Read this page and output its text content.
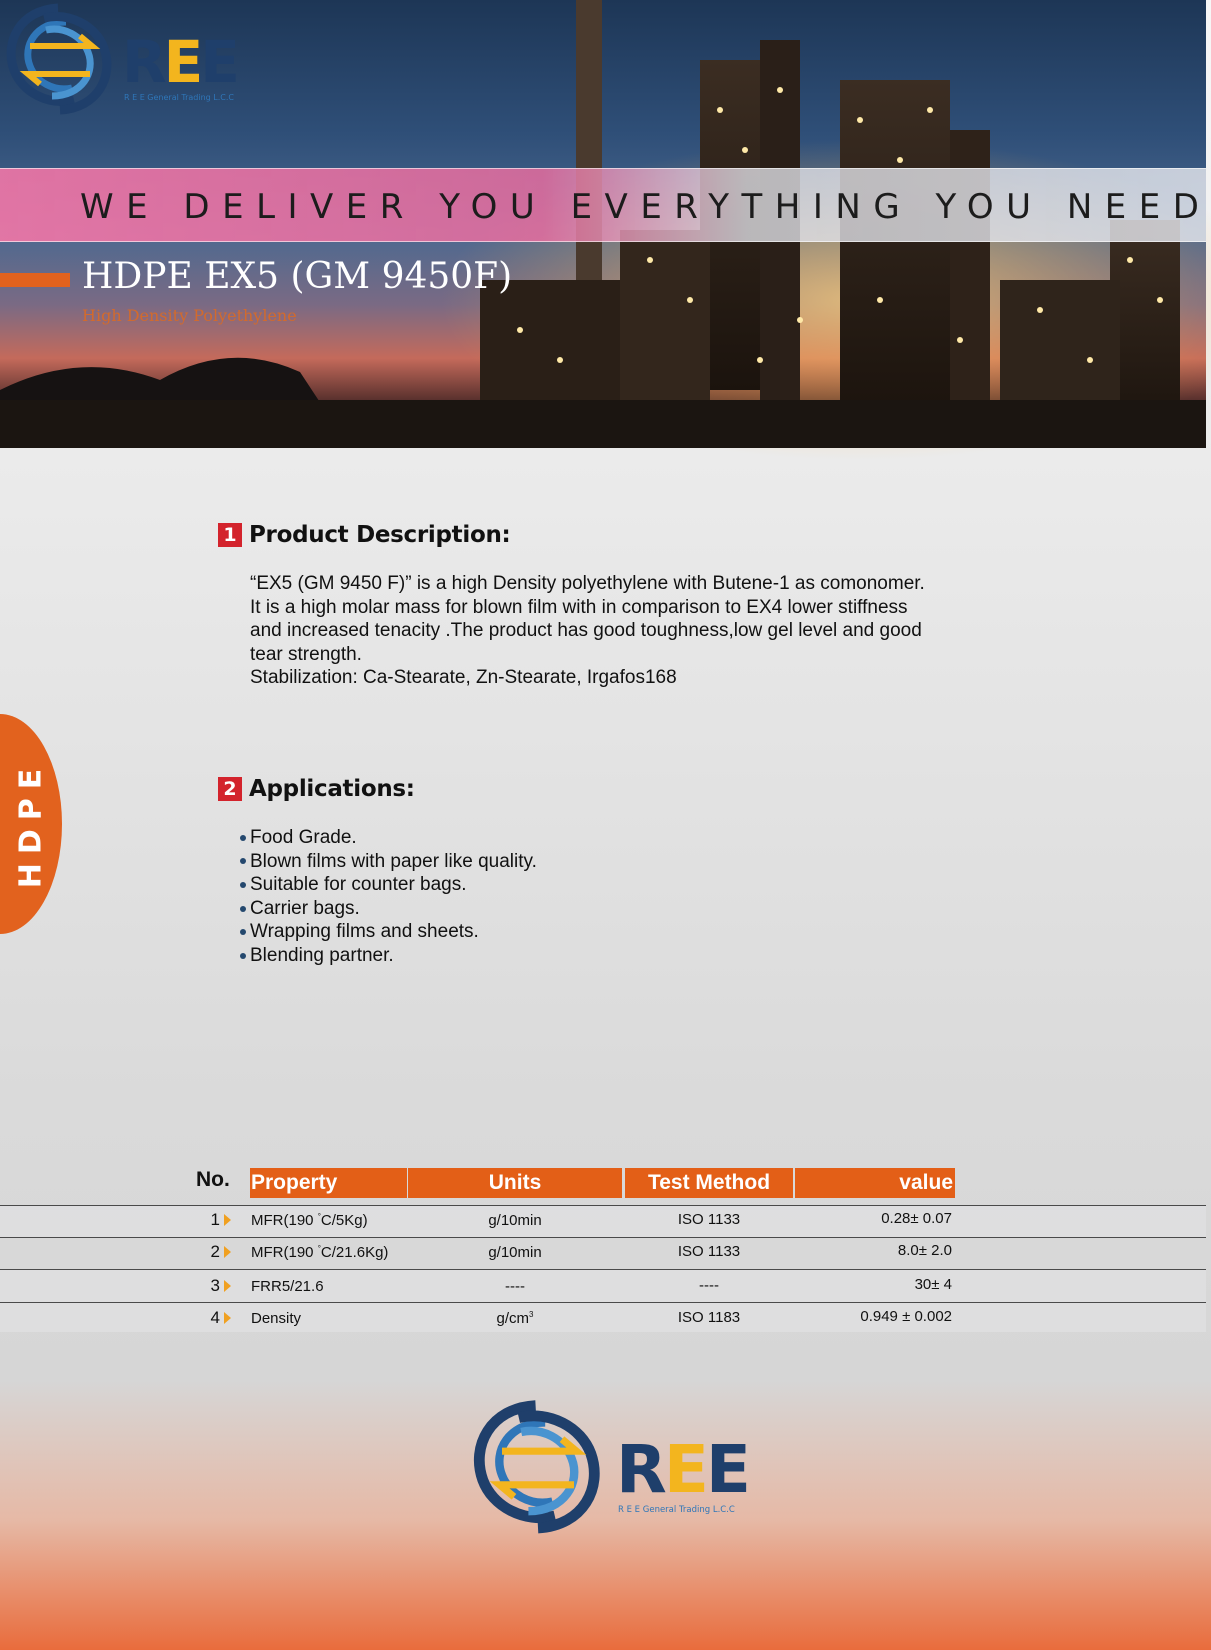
REE
R E E General Trading L.C.C
WE DELIVER YOU EVERYTHING YOU NEED
HDPE EX5 (GM 9450F)
High Density Polyethylene
HDPE
1 Product Description:

“EX5 (GM 9450 F)” is a high Density polyethylene with Butene-1 as comonomer.

It is a high molar mass for blown film with in comparison to EX4 lower stiffness

and increased tenacity .The product has good toughness,low gel level and good

tear strength.

Stabilization: Ca-Stearate, Zn-Stearate, Irgafos168

2 Applications:
Food Grade.
Blown films with paper like quality.
Suitable for counter bags.
Carrier bags.
Wrapping films and sheets.
Blending partner.
No. Property	Units	Test Method	value
1 MFR(190 °C/5Kg)	g/10min	ISO 1133	0.28± 0.07
2 MFR(190 °C/21.6Kg)	g/10min	ISO 1133	8.0± 2.0
3 FRR5/21.6	----	----	30± 4
4 Density	$g/cm^3$	ISO 1183	0.949 ± 0.002
REE
R E E General Trading L.C.C
